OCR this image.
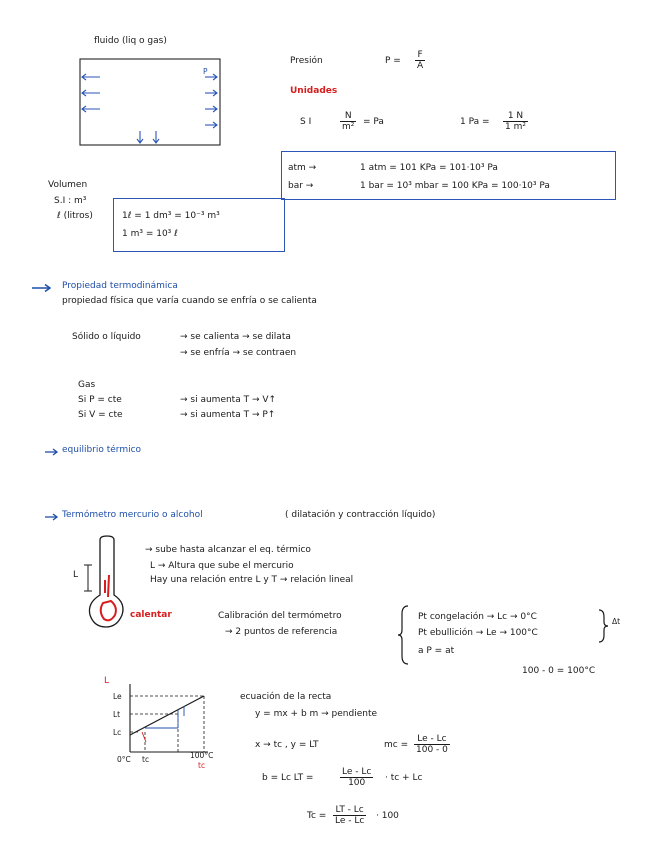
fluido (liq o gas)
P
Presión	$P = \frac{F}{A}$
Unidades
S I	$\frac{N}{\text{m²}} = Pa$	1 $Pa = \frac{1 N}{\text{1 m²}}$
atm →	1 atm = 101 KPa = 101·10³ Pa
bar →	1 bar = 10³ mbar = 100 KPa = 100·10³ Pa
Volumen
S.I : m³
ℓ (litros)	1ℓ = 1 dm³ = 10⁻³ m³
1 m³ = 10³ ℓ
Propiedad termodinámica
propiedad física que varía cuando se enfría o se calienta
Sólido o líquido	→ se calienta → se dilata
→ se enfría → se contraen
Gas
Si P = cte	→ si aumenta T → V↑
Si V = cte	→ si aumenta T → P↑
equilibrio térmico
Termómetro mercurio o alcohol	( dilatación y contracción líquido)
L
calentar
→ sube hasta alcanzar el eq. térmico
L → Altura que sube el mercurio
Hay una relación entre L y T → relación lineal
Calibración del termómetro
→ 2 puntos de referencia
Pt congelación → Lc → 0°C
Pt ebullición → Le → 100°C
a P = at
Δt
100 - 0 = 100°C
L
Le
Lt
Lc
0°C tc	100°C
tc
ecuación de la recta
y = mx + b m → pendiente
x → tc , y = LT	mc = $\frac{Le - Lc}{100 - 0}$
b = Lc LT =	$\frac{Le - Lc}{100}$ · tc + Lc
$Tc = \frac{LT - Lc}{Le - Lc} \cdot 100$
